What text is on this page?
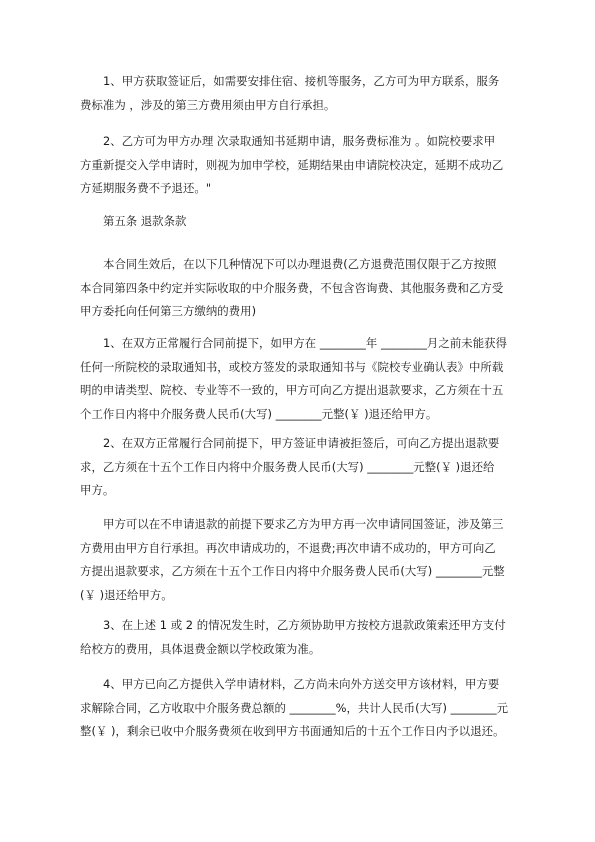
1、甲方获取签证后，如需要安排住宿、接机等服务，乙方可为甲方联系，服务
费标准为 ，涉及的第三方费用须由甲方自行承担。
2、乙方可为甲方办理 次录取通知书延期申请，服务费标准为 。如院校要求甲
方重新提交入学申请时，则视为加申学校，延期结果由申请院校决定，延期不成功乙
方延期服务费不予退还。"
第五条 退款条款
本合同生效后，在以下几种情况下可以办理退费(乙方退费范围仅限于乙方按照
本合同第四条中约定并实际收取的中介服务费，不包含咨询费、其他服务费和乙方受
甲方委托向任何第三方缴纳的费用)
1、在双方正常履行合同前提下，如甲方在 ________年 ________月之前未能获得
任何一所院校的录取通知书，或校方签发的录取通知书与《院校专业确认表》中所载
明的申请类型、院校、专业等不一致的，甲方可向乙方提出退款要求，乙方须在十五
个工作日内将中介服务费人民币(大写) ________元整(￥ )退还给甲方。
2、在双方正常履行合同前提下，甲方签证申请被拒签后，可向乙方提出退款要
求，乙方须在十五个工作日内将中介服务费人民币(大写) ________元整(￥ )退还给
甲方。
甲方可以在不申请退款的前提下要求乙方为甲方再一次申请同国签证，涉及第三
方费用由甲方自行承担。再次申请成功的，不退费;再次申请不成功的，甲方可向乙
方提出退款要求，乙方须在十五个工作日内将中介服务费人民币(大写) ________元整
(￥ )退还给甲方。
3、在上述 1 或 2 的情况发生时，乙方须协助甲方按校方退款政策索还甲方支付
给校方的费用，具体退费金额以学校政策为准。
4、甲方已向乙方提供入学申请材料，乙方尚未向外方送交甲方该材料，甲方要
求解除合同，乙方收取中介服务费总额的 ________%，共计人民币(大写) ________元
整(￥ )，剩余已收中介服务费须在收到甲方书面通知后的十五个工作日内予以退还。
